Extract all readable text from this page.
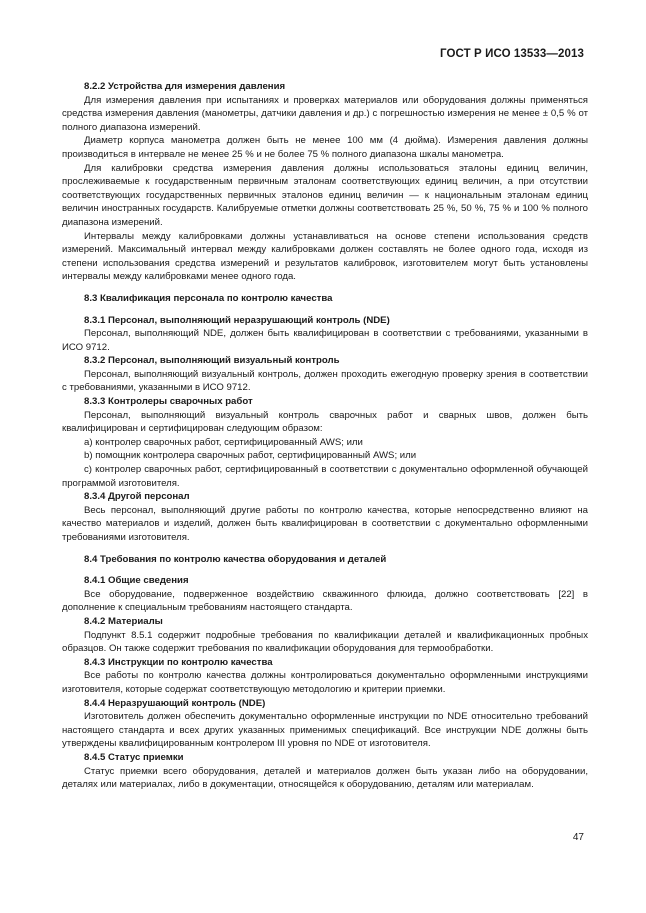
ГОСТ Р ИСО 13533—2013

8.2.2 Устройства для измерения давления

Для измерения давления при испытаниях и проверках материалов или оборудования должны применяться средства измерения давления (манометры, датчики давления и др.) с погрешностью измерения не менее ± 0,5 % от полного диапазона измерений.

Диаметр корпуса манометра должен быть не менее 100 мм (4 дюйма). Измерения давления должны производиться в интервале не менее 25 % и не более 75 % полного диапазона шкалы манометра.

Для калибровки средства измерения давления должны использоваться эталоны единиц величин, прослеживаемые к государственным первичным эталонам соответствующих единиц величин, а при отсутствии соответствующих государственных первичных эталонов единиц величин — к национальным эталонам единиц величин иностранных государств. Калибруемые отметки должны соответствовать 25 %, 50 %, 75 % и 100 % полного диапазона измерений.

Интервалы между калибровками должны устанавливаться на основе степени использования средств измерений. Максимальный интервал между калибровками должен составлять не более одного года, исходя из степени использования средства измерений и результатов калибровок, изготовителем могут быть установлены интервалы между калибровками менее одного года.

8.3 Квалификация персонала по контролю качества

8.3.1 Персонал, выполняющий неразрушающий контроль (NDE)

Персонал, выполняющий NDE, должен быть квалифицирован в соответствии с требованиями, указанными в ИСО 9712.

8.3.2 Персонал, выполняющий визуальный контроль

Персонал, выполняющий визуальный контроль, должен проходить ежегодную проверку зрения в соответствии с требованиями, указанными в ИСО 9712.

8.3.3 Контролеры сварочных работ

Персонал, выполняющий визуальный контроль сварочных работ и сварных швов, должен быть квалифицирован и сертифицирован следующим образом:

a) контролер сварочных работ, сертифицированный AWS; или

b) помощник контролера сварочных работ, сертифицированный AWS; или

c) контролер сварочных работ, сертифицированный в соответствии с документально оформленной обучающей программой изготовителя.

8.3.4 Другой персонал

Весь персонал, выполняющий другие работы по контролю качества, которые непосредственно влияют на качество материалов и изделий, должен быть квалифицирован в соответствии с документально оформленными требованиями изготовителя.

8.4 Требования по контролю качества оборудования и деталей

8.4.1 Общие сведения

Все оборудование, подверженное воздействию скважинного флюида, должно соответствовать [22] в дополнение к специальным требованиям настоящего стандарта.

8.4.2 Материалы

Подпункт 8.5.1 содержит подробные требования по квалификации деталей и квалификационных пробных образцов. Он также содержит требования по квалификации оборудования для термообработки.

8.4.3 Инструкции по контролю качества

Все работы по контролю качества должны контролироваться документально оформленными инструкциями изготовителя, которые содержат соответствующую методологию и критерии приемки.

8.4.4 Неразрушающий контроль (NDE)

Изготовитель должен обеспечить документально оформленные инструкции по NDE относительно требований настоящего стандарта и всех других указанных применимых спецификаций. Все инструкции NDE должны быть утверждены квалифицированным контролером III уровня по NDE от изготовителя.

8.4.5 Статус приемки

Статус приемки всего оборудования, деталей и материалов должен быть указан либо на оборудовании, деталях или материалах, либо в документации, относящейся к оборудованию, деталям или материалам.

47
